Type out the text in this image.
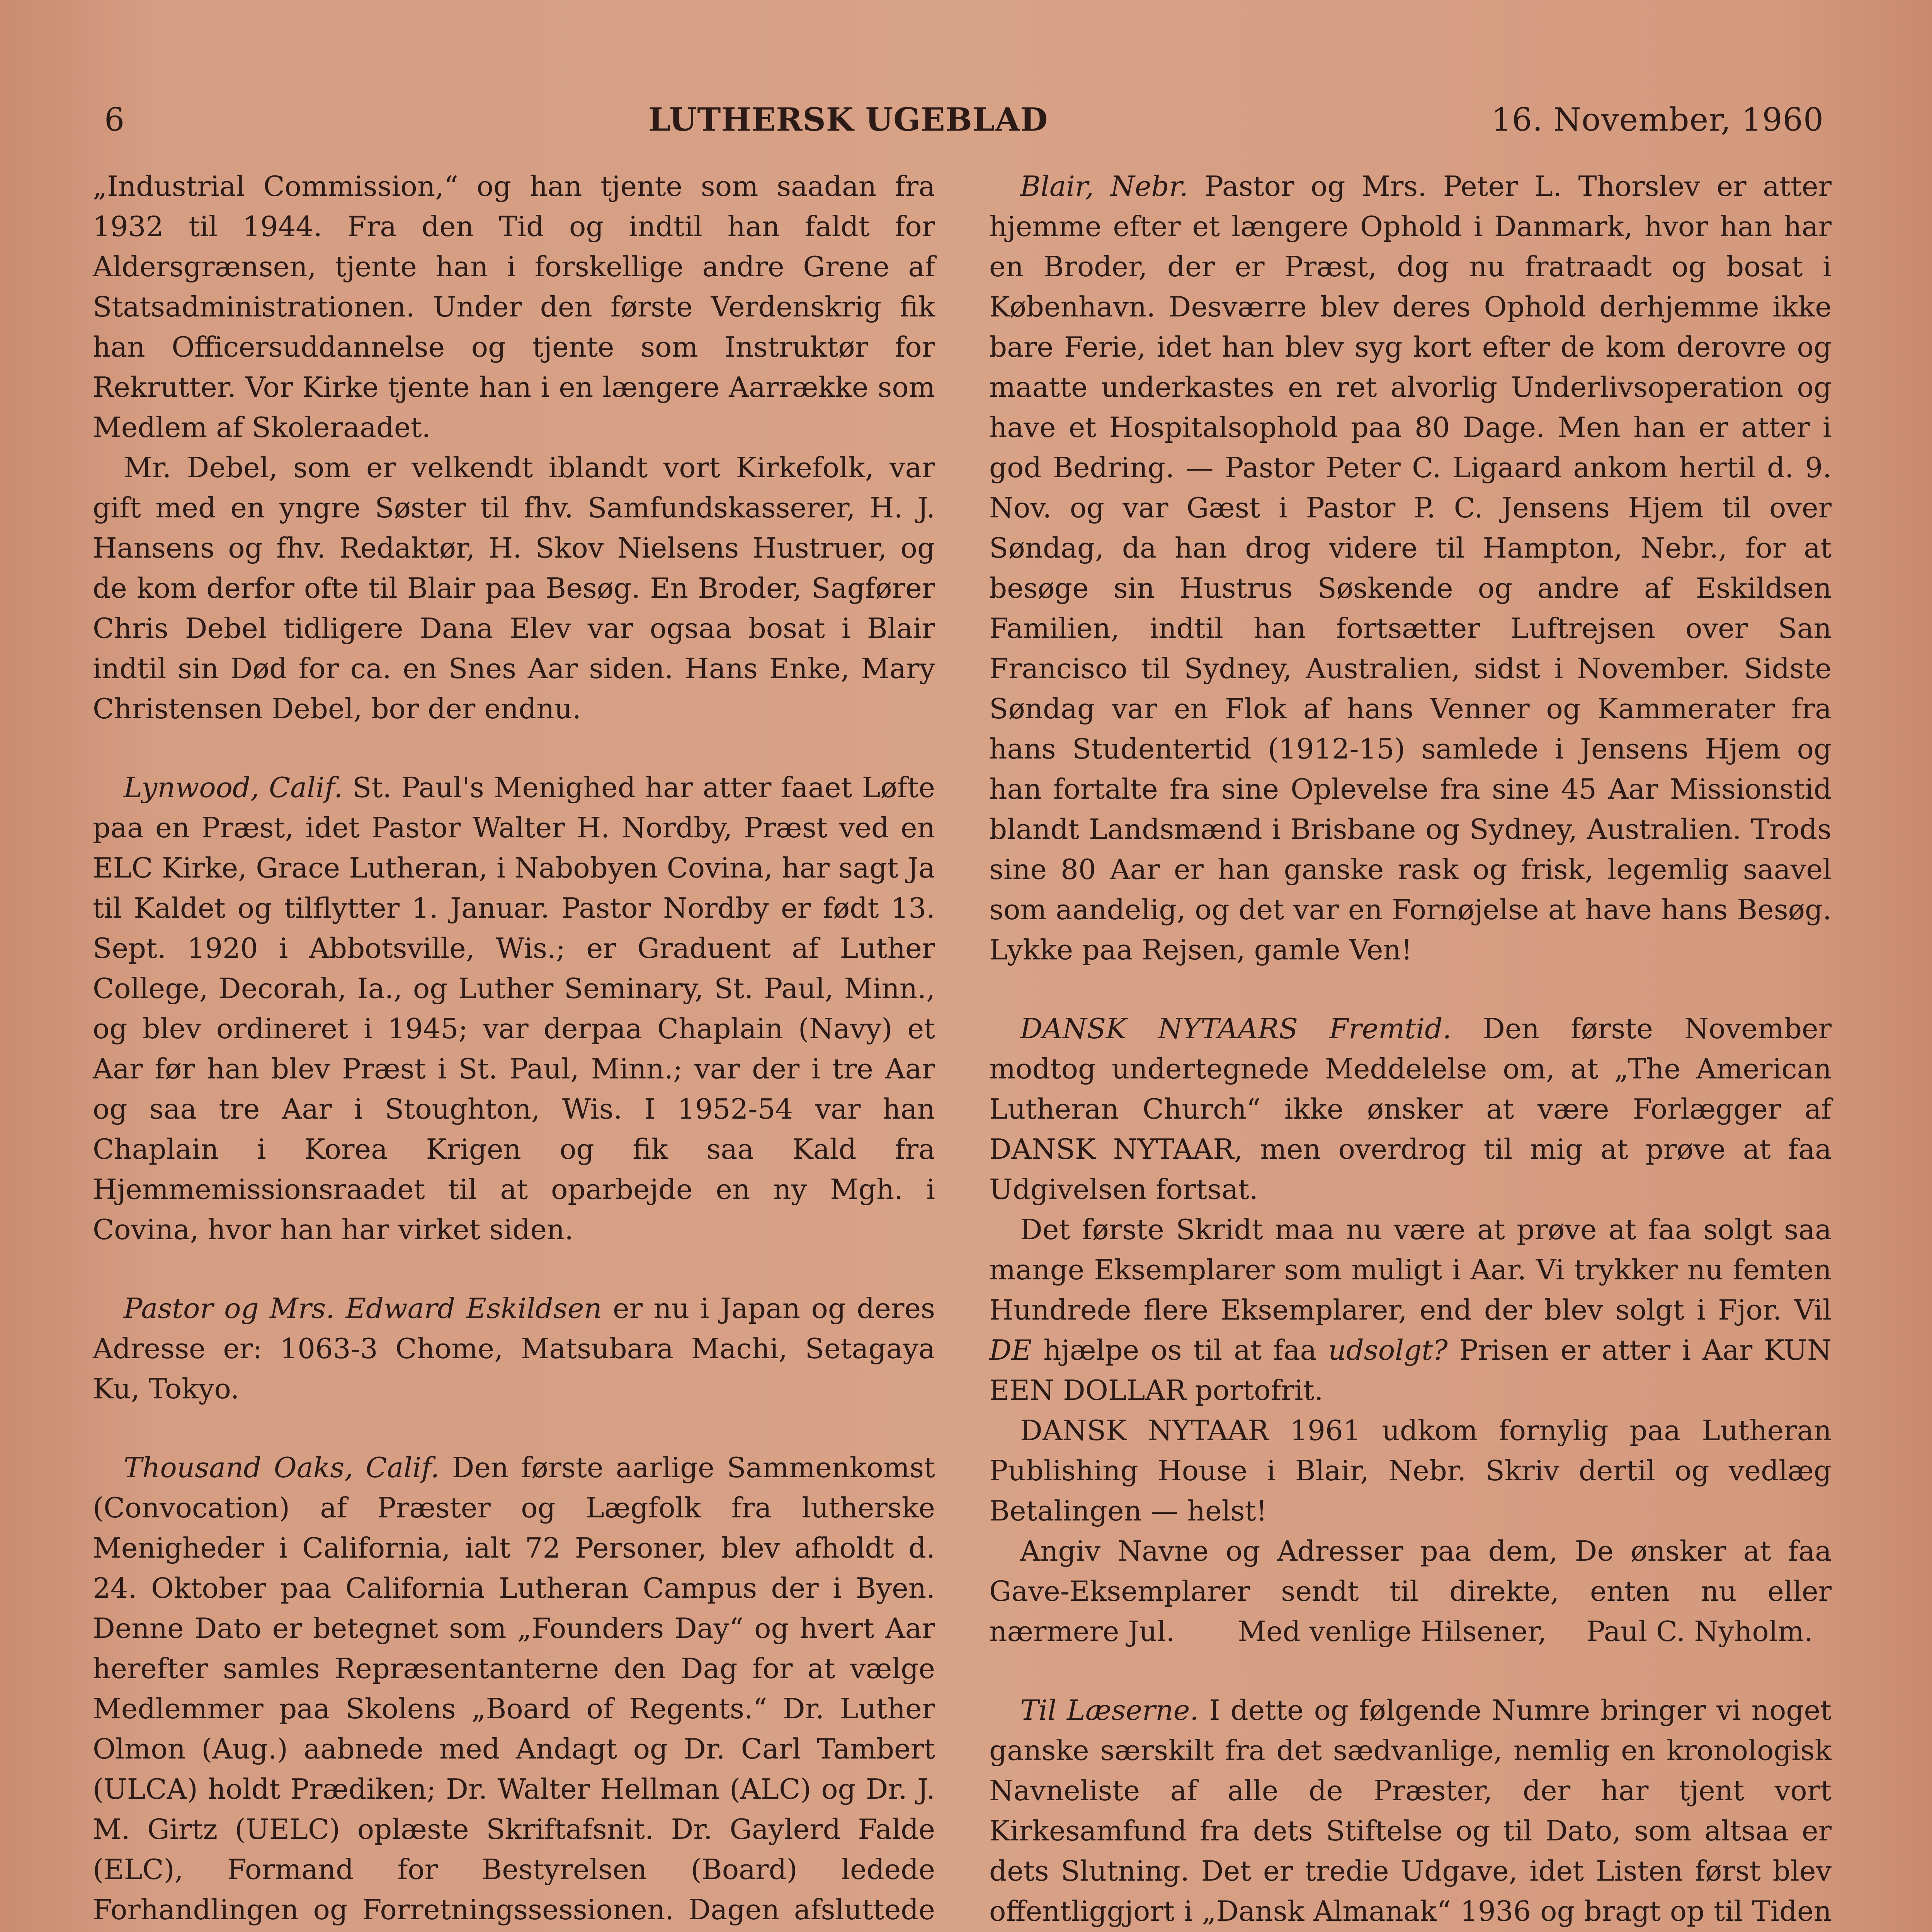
6	LUTHERSK UGEBLAD	16. November, 1960

„Industrial Commission,“ og han tjente som saadan fra 1932 til 1944. Fra den Tid og indtil han faldt for Aldersgrænsen, tjente han i forskellige andre Grene af Statsadministrationen. Under den første Verdenskrig fik han Officersuddannelse og tjente som Instruktør for Rekrutter. Vor Kirke tjente han i en længere Aarrække som Medlem af Skoleraadet.

Mr. Debel, som er velkendt iblandt vort Kirkefolk, var gift med en yngre Søster til fhv. Samfundskasserer, H. J. Hansens og fhv. Redaktør, H. Skov Nielsens Hustruer, og de kom derfor ofte til Blair paa Besøg. En Broder, Sagfører Chris Debel tidligere Dana Elev var ogsaa bosat i Blair indtil sin Død for ca. en Snes Aar siden. Hans Enke, Mary Christensen Debel, bor der endnu.

Lynwood, Calif. St. Paul's Menighed har atter faaet Løfte paa en Præst, idet Pastor Walter H. Nordby, Præst ved en ELC Kirke, Grace Lutheran, i Nabobyen Covina, har sagt Ja til Kaldet og tilflytter 1. Januar. Pastor Nordby er født 13. Sept. 1920 i Abbotsville, Wis.; er Graduent af Luther College, Decorah, Ia., og Luther Seminary, St. Paul, Minn., og blev ordineret i 1945; var derpaa Chaplain (Navy) et Aar før han blev Præst i St. Paul, Minn.; var der i tre Aar og saa tre Aar i Stoughton, Wis. I 1952-54 var han Chaplain i Korea Krigen og fik saa Kald fra Hjemmemissionsraadet til at oparbejde en ny Mgh. i Covina, hvor han har virket siden.

Pastor og Mrs. Edward Eskildsen er nu i Japan og deres Adresse er: 1063-3 Chome, Matsubara Machi, Setagaya Ku, Tokyo.

Thousand Oaks, Calif. Den første aarlige Sammenkomst (Convocation) af Præster og Lægfolk fra lutherske Menigheder i California, ialt 72 Personer, blev afholdt d. 24. Oktober paa California Lutheran Campus der i Byen. Denne Dato er betegnet som „Founders Day“ og hvert Aar herefter samles Repræsentanterne den Dag for at vælge Medlemmer paa Skolens „Board of Regents.“ Dr. Luther Olmon (Aug.) aabnede med Andagt og Dr. Carl Tambert (ULCA) holdt Prædiken; Dr. Walter Hellman (ALC) og Dr. J. M. Girtz (UELC) oplæste Skriftafsnit. Dr. Gaylerd Falde (ELC), Formand for Bestyrelsen (Board) ledede Forhandlingen og Forretningssessionen. Dagen afsluttede

Blair, Nebr. Pastor og Mrs. Peter L. Thorslev er atter hjemme efter et længere Ophold i Danmark, hvor han har en Broder, der er Præst, dog nu fratraadt og bosat i København. Desværre blev deres Ophold derhjemme ikke bare Ferie, idet han blev syg kort efter de kom derovre og maatte underkastes en ret alvorlig Underlivsoperation og have et Hospitalsophold paa 80 Dage. Men han er atter i god Bedring. — Pastor Peter C. Ligaard ankom hertil d. 9. Nov. og var Gæst i Pastor P. C. Jensens Hjem til over Søndag, da han drog videre til Hampton, Nebr., for at besøge sin Hustrus Søskende og andre af Eskildsen Familien, indtil han fortsætter Luftrejsen over San Francisco til Sydney, Australien, sidst i November. Sidste Søndag var en Flok af hans Venner og Kammerater fra hans Studentertid (1912-15) samlede i Jensens Hjem og han fortalte fra sine Oplevelse fra sine 45 Aar Missionstid blandt Landsmænd i Brisbane og Sydney, Australien. Trods sine 80 Aar er han ganske rask og frisk, legemlig saavel som aandelig, og det var en Fornøjelse at have hans Besøg. Lykke paa Rejsen, gamle Ven!

DANSK NYTAARS Fremtid. Den første November modtog undertegnede Meddelelse om, at „The American Lutheran Church“ ikke ønsker at være Forlægger af DANSK NYTAAR, men overdrog til mig at prøve at faa Udgivelsen fortsat.

Det første Skridt maa nu være at prøve at faa solgt saa mange Eksemplarer som muligt i Aar. Vi trykker nu femten Hundrede flere Eksemplarer, end der blev solgt i Fjor. Vil DE hjælpe os til at faa udsolgt? Prisen er atter i Aar KUN EEN DOLLAR portofrit.

DANSK NYTAAR 1961 udkom fornylig paa Lutheran Publishing House i Blair, Nebr. Skriv dertil og vedlæg Betalingen — helst!

Angiv Navne og Adresser paa dem, De ønsker at faa Gave-Eksemplarer sendt til direkte, enten nu eller nærmere Jul. Med venlige Hilsener, Paul C. Nyholm.

Til Læserne. I dette og følgende Numre bringer vi noget ganske særskilt fra det sædvanlige, nemlig en kronologisk Navneliste af alle de Præster, der har tjent vort Kirkesamfund fra dets Stiftelse og til Dato, som altsaa er dets Slutning. Det er tredie Udgave, idet Listen først blev offentliggjort i „Dansk Almanak“ 1936 og bragt op til Tiden
